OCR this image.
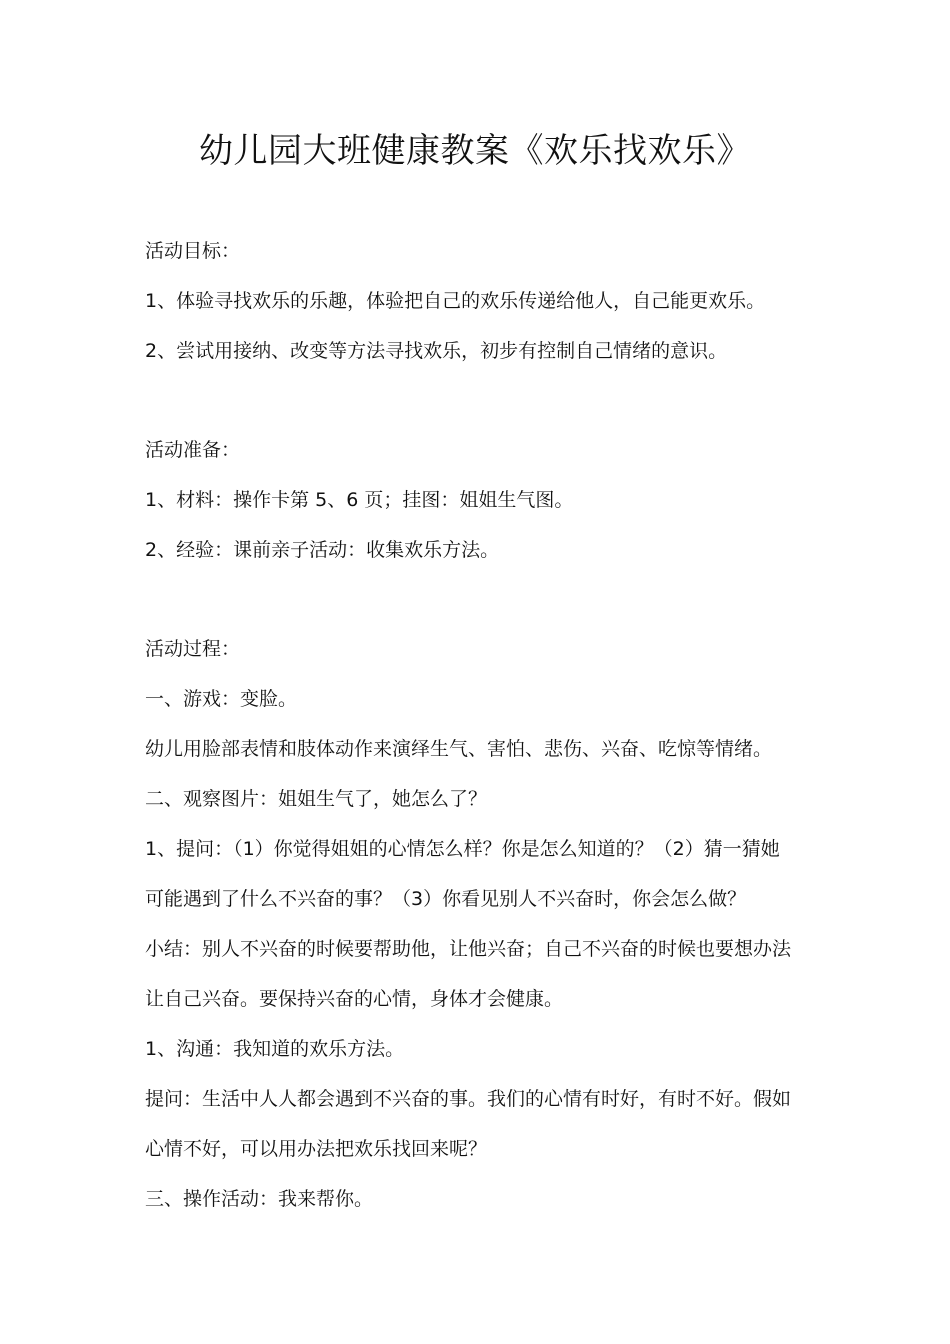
幼儿园大班健康教案《欢乐找欢乐》
活动目标：
1、体验寻找欢乐的乐趣，体验把自己的欢乐传递给他人，自己能更欢乐。
2、尝试用接纳、改变等方法寻找欢乐，初步有控制自己情绪的意识。
活动准备：
1、材料：操作卡第 5、6 页；挂图：姐姐生气图。
2、经验：课前亲子活动：收集欢乐方法。
活动过程：
一、游戏：变脸。
幼儿用脸部表情和肢体动作来演绎生气、害怕、悲伤、兴奋、吃惊等情绪。
二、观察图片：姐姐生气了，她怎么了？
1、提问：（1）你觉得姐姐的心情怎么样？你是怎么知道的？（2）猜一猜她
可能遇到了什么不兴奋的事？（3）你看见别人不兴奋时，你会怎么做？
小结：别人不兴奋的时候要帮助他，让他兴奋；自己不兴奋的时候也要想办法
让自己兴奋。要保持兴奋的心情，身体才会健康。
1、沟通：我知道的欢乐方法。
提问：生活中人人都会遇到不兴奋的事。我们的心情有时好，有时不好。假如
心情不好，可以用办法把欢乐找回来呢？
三、操作活动：我来帮你。
